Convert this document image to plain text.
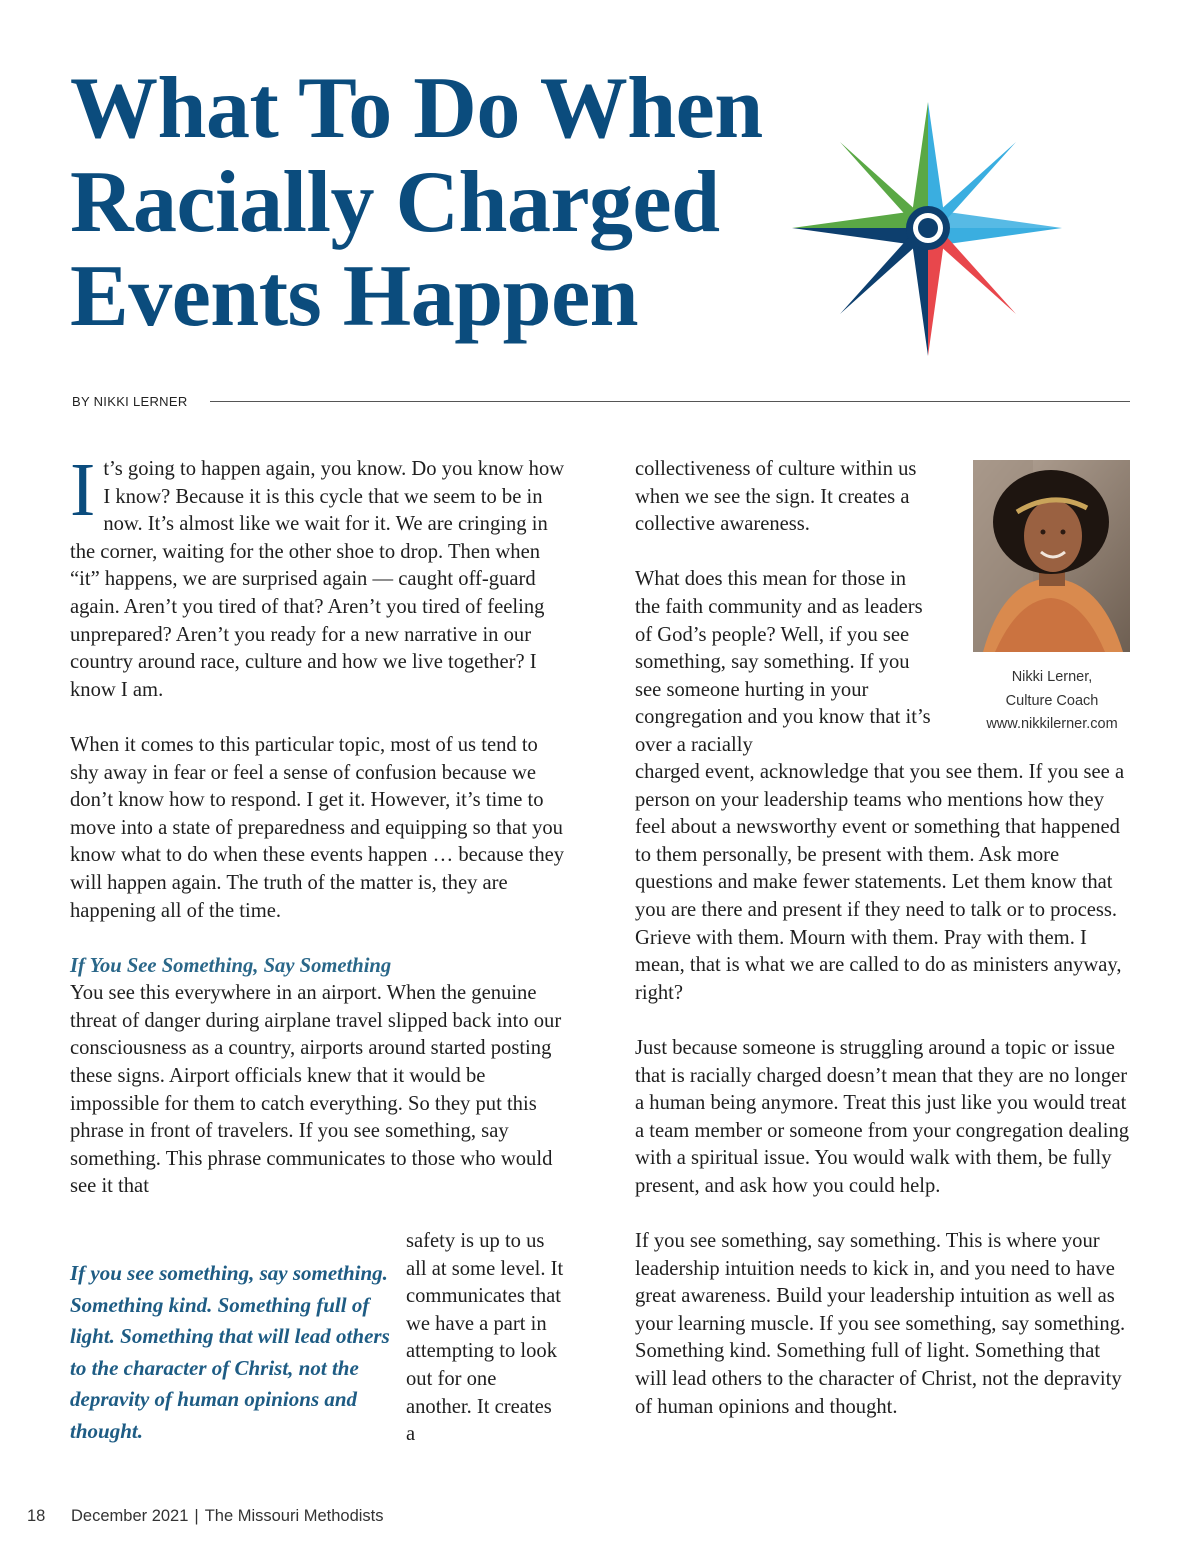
What To Do When
Racially Charged
Events Happen
BY NIKKI LERNER

It’s going to happen again, you know. Do you know how I know? Because it is this cycle that we seem to be in now. It’s almost like we wait for it. We are cringing in the corner, waiting for the other shoe to drop. Then when “it” happens, we are surprised again — caught off-guard again. Aren’t you tired of that? Aren’t you tired of feeling unprepared? Aren’t you ready for a new narrative in our country around race, culture and how we live together? I know I am.

When it comes to this particular topic, most of us tend to shy away in fear or feel a sense of confusion because we don’t know how to respond. I get it. However, it’s time to move into a state of preparedness and equipping so that you know what to do when these events happen … because they will happen again. The truth of the matter is, they are happening all of the time.

If You See Something, Say Something

You see this everywhere in an airport. When the genuine threat of danger during airplane travel slipped back into our consciousness as a country, airports around started posting these signs. Airport officials knew that it would be impossible for them to catch everything. So they put this phrase in front of travelers. If you see something, say something. This phrase communicates to those who would see it that

safety is up to us all at some level. It communicates that we have a part in attempting to look out for one another. It creates a

If you see something, say something. Something kind. Something full of light. Something that will lead others to the character of Christ, not the depravity of human opinions and thought.

collectiveness of culture within us when we see the sign. It creates a collective awareness.

What does this mean for those in the faith community and as leaders of God’s people? Well, if you see something, say something. If you see someone hurting in your congregation and you know that it’s over a racially

charged event, acknowledge that you see them. If you see a person on your leadership teams who mentions how they feel about a newsworthy event or something that happened to them personally, be present with them. Ask more questions and make fewer statements. Let them know that you are there and present if they need to talk or to process. Grieve with them. Mourn with them. Pray with them. I mean, that is what we are called to do as ministers anyway, right?

Just because someone is struggling around a topic or issue that is racially charged doesn’t mean that they are no longer a human being anymore. Treat this just like you would treat a team member or someone from your congregation dealing with a spiritual issue. You would walk with them, be fully present, and ask how you could help.

If you see something, say something. This is where your leadership intuition needs to kick in, and you need to have great awareness. Build your leadership intuition as well as your learning muscle. If you see something, say something. Something kind. Something full of light. Something that will lead others to the character of Christ, not the depravity of human opinions and thought.

Nikki Lerner,
Culture Coach
www.nikkilerner.com
18 December 2021 | The Missouri Methodists
